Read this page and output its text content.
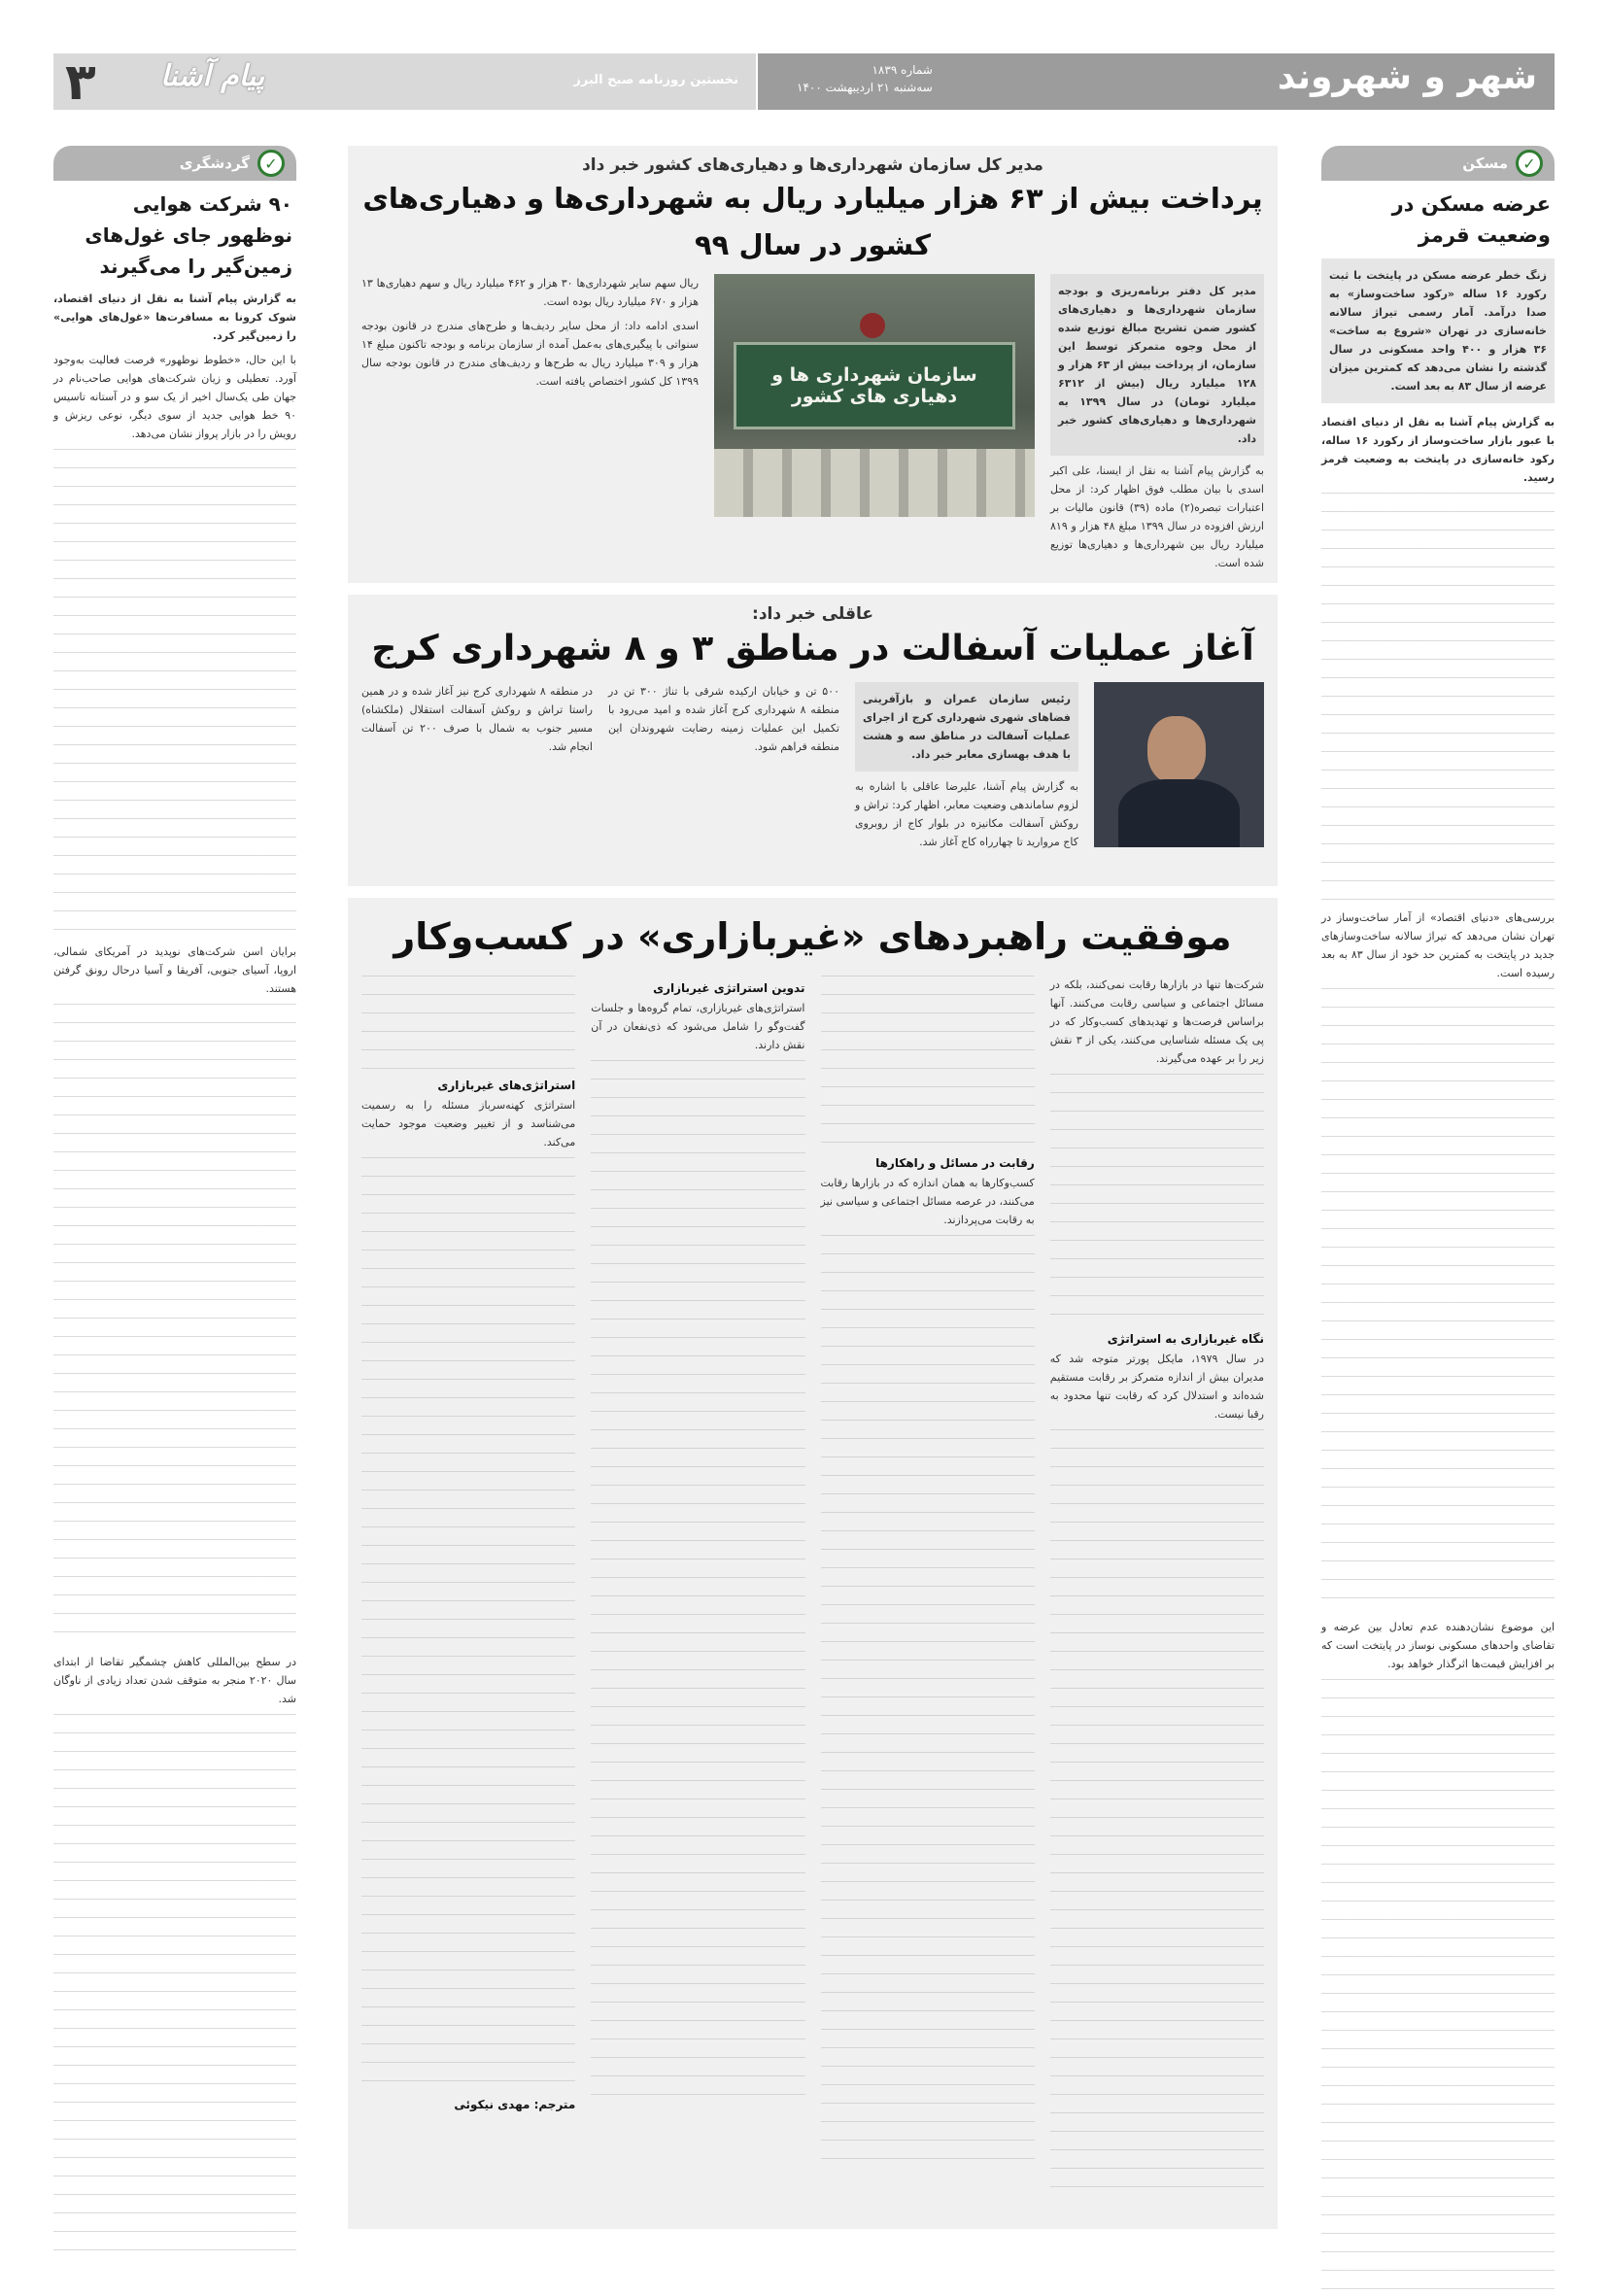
شهر و شهروند
شماره ۱۸۳۹
سه‌شنبه ۲۱ اردیبهشت ۱۴۰۰
۳ پیام آشنا	نخستین روزنامه صبح البرز
✓
مسکن
عرضه مسکن در وضعیت قرمز
زنگ خطر عرضه مسکن در پایتخت با ثبت رکورد ۱۶ ساله «رکود ساخت‌وساز» به صدا درآمد. آمار رسمی تیراژ سالانه خانه‌سازی در تهران «شروع به ساخت» ۳۶ هزار و ۴۰۰ واحد مسکونی در سال گذشته را نشان می‌دهد که کمترین میزان عرضه از سال ۸۳ به بعد است.

به گزارش پیام آشنا به نقل از دنیای اقتصاد با عبور بازار ساخت‌وساز از رکورد ۱۶ ساله، رکود خانه‌سازی در پایتخت به وضعیت قرمز رسید.

بررسی‌های «دنیای اقتصاد» از آمار ساخت‌وساز در تهران نشان می‌دهد که تیراژ سالانه ساخت‌وسازهای جدید در پایتخت به کمترین حد خود از سال ۸۳ به بعد رسیده است.
این موضوع نشان‌دهنده عدم تعادل بین عرضه و تقاضای واحدهای مسکونی نوساز در پایتخت است که بر افزایش قیمت‌ها اثرگذار خواهد بود.
مدیر کل سازمان شهرداری‌ها و دهیاری‌های کشور خبر داد
پرداخت بیش از ۶۳ هزار میلیارد ریال به شهرداری‌ها و دهیاری‌های کشور در سال ۹۹
مدیر کل دفتر برنامه‌ریزی و بودجه سازمان شهرداری‌ها و دهیاری‌های کشور ضمن تشریح مبالغ توزیع شده از محل وجوه متمرکز توسط این سازمان، از پرداخت بیش از ۶۳ هزار و ۱۲۸ میلیارد ریال (بیش از ۶۳۱۲ میلیارد تومان) در سال ۱۳۹۹ به شهرداری‌ها و دهیاری‌های کشور خبر داد.
به گزارش پیام آشنا به نقل از ایسنا، علی اکبر اسدی با بیان مطلب فوق اظهار کرد: از محل اعتبارات تبصره(۲) ماده (۳۹) قانون مالیات بر ارزش افزوده در سال ۱۳۹۹ مبلغ ۴۸ هزار و ۸۱۹ میلیارد ریال بین شهرداری‌ها و دهیاری‌ها توزیع شده است.
سازمان شهرداری ها و دهیاری های کشور
ریال سهم سایر شهرداری‌ها ۳۰ هزار و ۴۶۲ میلیارد ریال و سهم دهیاری‌ها ۱۳ هزار و ۶۷۰ میلیارد ریال بوده است.
اسدی ادامه داد: از محل سایر ردیف‌ها و طرح‌های مندرج در قانون بودجه سنواتی با پیگیری‌های به‌عمل آمده از سازمان برنامه و بودجه تاکنون مبلغ ۱۴ هزار و ۳۰۹ میلیارد ریال به طرح‌ها و ردیف‌های مندرج در قانون بودجه سال ۱۳۹۹ کل کشور اختصاص یافته است.
عاقلی خبر داد:
آغاز عملیات آسفالت در مناطق ۳ و ۸ شهرداری کرج
رئیس سازمان عمران و بازآفرینی فضاهای شهری شهرداری کرج از اجرای عملیات آسفالت در مناطق سه و هشت با هدف بهسازی معابر خبر داد.
به گزارش پیام آشنا، علیرضا عاقلی با اشاره به لزوم ساماندهی وضعیت معابر، اظهار کرد: تراش و روکش آسفالت مکانیزه در بلوار کاج از روبروی کاج مروارید تا چهارراه کاج آغاز شد.
۵۰۰ تن و خیابان ارکیده شرقی با تناژ ۳۰۰ تن در منطقه ۸ شهرداری کرج آغاز شده و امید می‌رود با تکمیل این عملیات زمینه رضایت شهروندان این منطقه فراهم شود.
در منطقه ۸ شهرداری کرج نیز آغاز شده و در همین راستا تراش و روکش آسفالت استقلال (ملکشاه) مسیر جنوب به شمال با صرف ۲۰۰ تن آسفالت انجام شد.
موفقیت راهبردهای «غیربازاری» در کسب‌وکار
شرکت‌ها تنها در بازارها رقابت نمی‌کنند، بلکه در مسائل اجتماعی و سیاسی رقابت می‌کنند. آنها براساس فرصت‌ها و تهدیدهای کسب‌وکار که در پی یک مسئله شناسایی می‌کنند، یکی از ۳ نقش زیر را بر عهده می‌گیرند.
نگاه غیربازاری به استراتژی
در سال ۱۹۷۹، مایکل پورتر متوجه شد که مدیران بیش از اندازه متمرکز بر رقابت مستقیم شده‌اند و استدلال کرد که رقابت تنها محدود به رقبا نیست.
رقابت در مسائل و راهکارها
کسب‌وکارها به همان اندازه که در بازارها رقابت می‌کنند، در عرصه مسائل اجتماعی و سیاسی نیز به رقابت می‌پردازند.
تدوین استراتژی غیربازاری
استراتژی‌های غیربازاری، تمام گروه‌ها و جلسات گفت‌وگو را شامل می‌شود که ذی‌نفعان در آن نقش دارند.
استراتژی‌های غیربازاری
استراتژی کهنه‌سرباز مسئله را به رسمیت می‌شناسد و از تغییر وضعیت موجود حمایت می‌کند.
مترجم: مهدی نیکوئی
✓
گردشگری
۹۰ شرکت هوایی نوظهور جای غول‌های زمین‌گیر را می‌گیرند

به گزارش پیام آشنا به نقل از دنیای اقتصاد، شوک کرونا به مسافرت‌ها «غول‌های هوایی» را زمین‌گیر کرد.

با این حال، «خطوط نوظهور» فرصت فعالیت به‌وجود آورد. تعطیلی و زیان شرکت‌های هوایی صاحب‌نام در جهان طی یک‌سال اخیر از یک سو و در آستانه تاسیس ۹۰ خط هوایی جدید از سوی دیگر، نوعی ریزش و رویش را در بازار پرواز نشان می‌دهد.

برایان اسن شرکت‌های نوپدید در آمریکای شمالی، اروپا، آسیای جنوبی، آفریقا و آسیا درحال رونق گرفتن هستند.
در سطح بین‌المللی کاهش چشمگیر تقاضا از ابتدای سال ۲۰۲۰ منجر به متوقف شدن تعداد زیادی از ناوگان شد.
